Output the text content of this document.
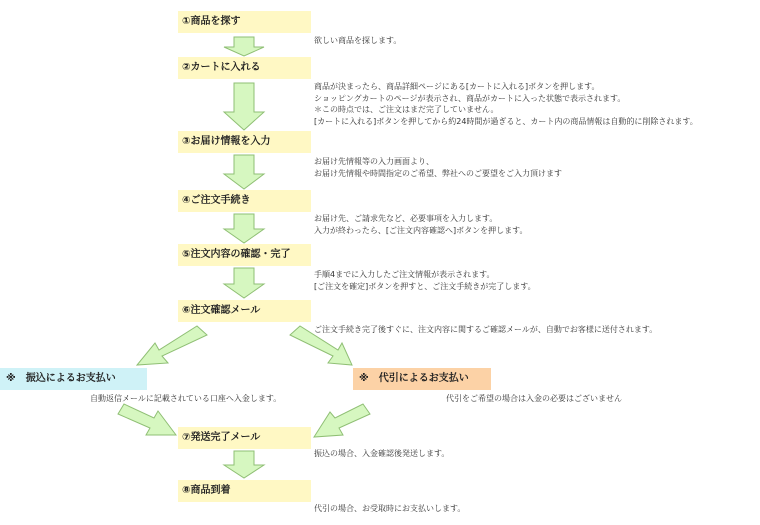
①商品を探す
②カートに入れる
③お届け情報を入力
④ご注文手続き
⑤注文内容の確認・完了
⑥注文確認メール
⑦発送完了メール
⑧商品到着
欲しい商品を探します。
商品が決まったら、商品詳細ページにある[カートに入れる]ボタンを押します。
ショッピングカートのページが表示され、商品がカートに入った状態で表示されます。
＊この時点では、ご注文はまだ完了していません。
[カートに入れる]ボタンを押してから約24時間が過ぎると、カート内の商品情報は自動的に削除されます。
お届け先情報等の入力画面より、
お届け先情報や時間指定のご希望、弊社へのご要望をご入力頂けます
お届け先、ご請求先など、必要事項を入力します。
入力が終わったら、[ご注文内容確認へ]ボタンを押します。
手順4までに入力したご注文情報が表示されます。
[ご注文を確定]ボタンを押すと、ご注文手続きが完了します。
ご注文手続き完了後すぐに、注文内容に関するご確認メールが、自動でお客様に送付されます。
振込の場合、入金確認後発送します。
代引の場合、お受取時にお支払いします。
※　振込によるお支払い	※　代引によるお支払い
自動返信メールに記載されている口座へ入金します。	代引をご希望の場合は入金の必要はございません
